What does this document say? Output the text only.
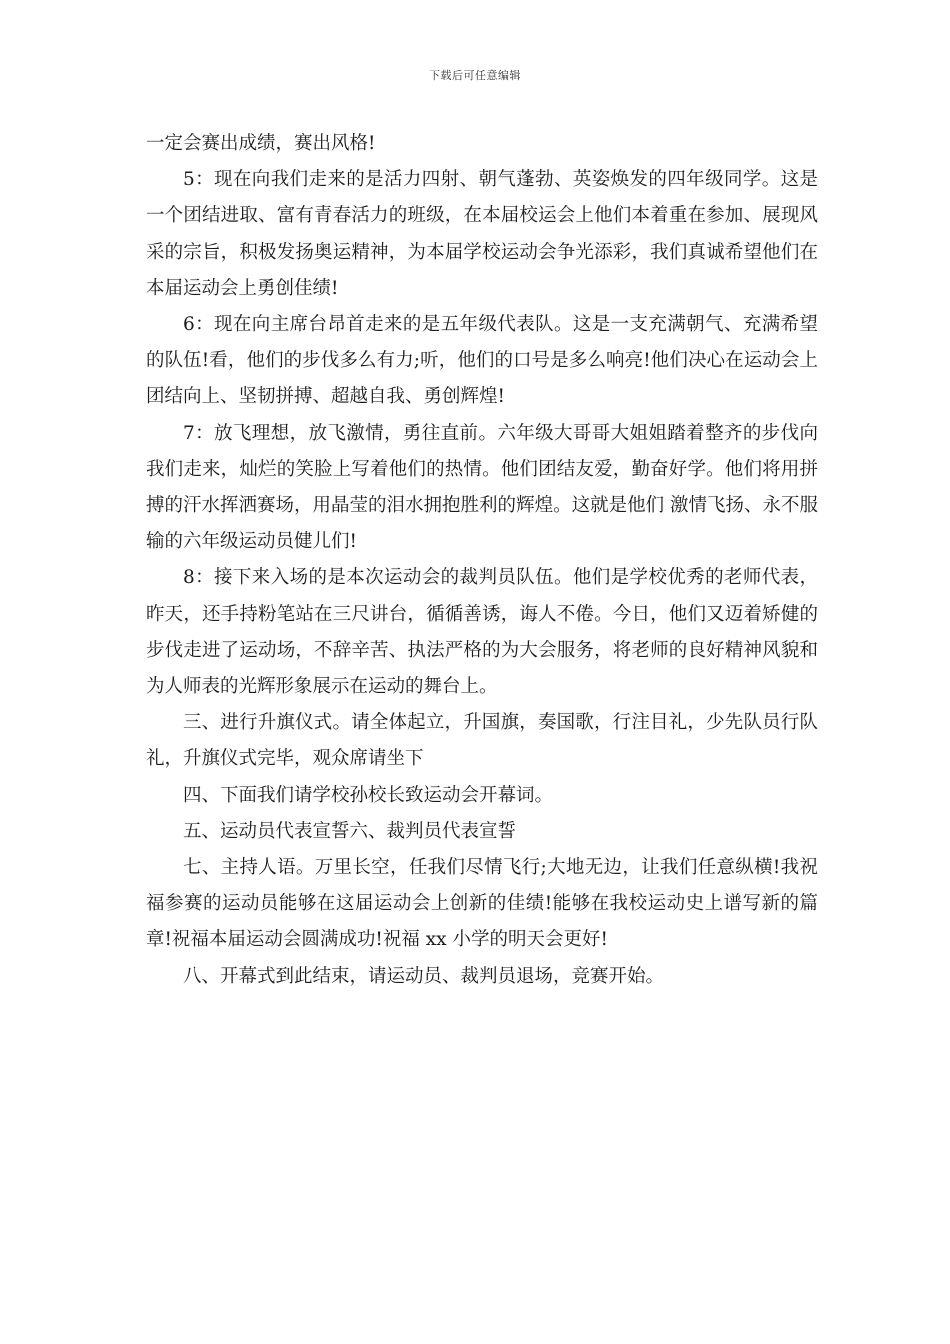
下载后可任意编辑

一定会赛出成绩，赛出风格!

5：现在向我们走来的是活力四射、朝气蓬勃、英姿焕发的四年级同学。这是一个团结进取、富有青春活力的班级，在本届校运会上他们本着重在参加、展现风采的宗旨，积极发扬奥运精神，为本届学校运动会争光添彩，我们真诚希望他们在本届运动会上勇创佳绩!

6：现在向主席台昂首走来的是五年级代表队。这是一支充满朝气、充满希望的队伍!看，他们的步伐多么有力;听，他们的口号是多么响亮!他们决心在运动会上团结向上、坚韧拼搏、超越自我、勇创辉煌!

7：放飞理想，放飞激情，勇往直前。六年级大哥哥大姐姐踏着整齐的步伐向我们走来，灿烂的笑脸上写着他们的热情。他们团结友爱，勤奋好学。他们将用拼搏的汗水挥洒赛场，用晶莹的泪水拥抱胜利的辉煌。这就是他们 激情飞扬、永不服输的六年级运动员健儿们!

8：接下来入场的是本次运动会的裁判员队伍。他们是学校优秀的老师代表，昨天，还手持粉笔站在三尺讲台，循循善诱，诲人不倦。今日，他们又迈着矫健的步伐走进了运动场，不辞辛苦、执法严格的为大会服务，将老师的良好精神风貌和为人师表的光辉形象展示在运动的舞台上。

三、进行升旗仪式。请全体起立，升国旗，奏国歌，行注目礼，少先队员行队礼，升旗仪式完毕，观众席请坐下

四、下面我们请学校孙校长致运动会开幕词。

五、运动员代表宣誓六、裁判员代表宣誓

七、主持人语。万里长空，任我们尽情飞行;大地无边，让我们任意纵横!我祝福参赛的运动员能够在这届运动会上创新的佳绩!能够在我校运动史上谱写新的篇章!祝福本届运动会圆满成功!祝福 xx 小学的明天会更好!

八、开幕式到此结束，请运动员、裁判员退场，竞赛开始。
